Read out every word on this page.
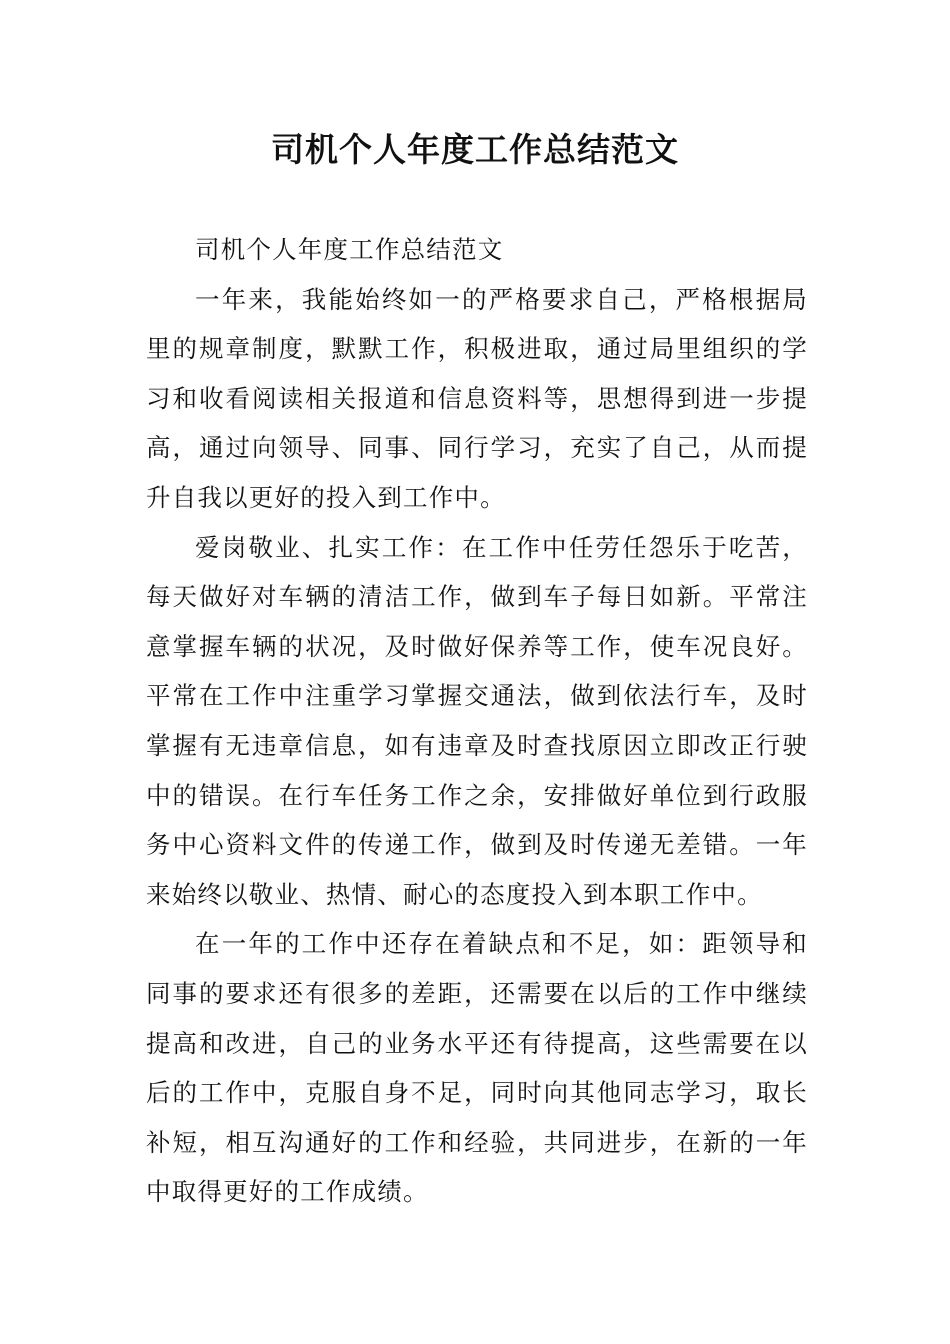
司机个人年度工作总结范文

司机个人年度工作总结范文

一年来，我能始终如一的严格要求自己，严格根据局里的规章制度，默默工作，积极进取，通过局里组织的学习和收看阅读相关报道和信息资料等，思想得到进一步提高，通过向领导、同事、同行学习，充实了自己，从而提升自我以更好的投入到工作中。

爱岗敬业、扎实工作：在工作中任劳任怨乐于吃苦，每天做好对车辆的清洁工作，做到车子每日如新。平常注意掌握车辆的状况，及时做好保养等工作，使车况良好。平常在工作中注重学习掌握交通法，做到依法行车，及时掌握有无违章信息，如有违章及时查找原因立即改正行驶中的错误。在行车任务工作之余，安排做好单位到行政服务中心资料文件的传递工作，做到及时传递无差错。一年来始终以敬业、热情、耐心的态度投入到本职工作中。

在一年的工作中还存在着缺点和不足，如：距领导和同事的要求还有很多的差距，还需要在以后的工作中继续提高和改进，自己的业务水平还有待提高，这些需要在以后的工作中，克服自身不足，同时向其他同志学习，取长补短，相互沟通好的工作和经验，共同进步，在新的一年中取得更好的工作成绩。
